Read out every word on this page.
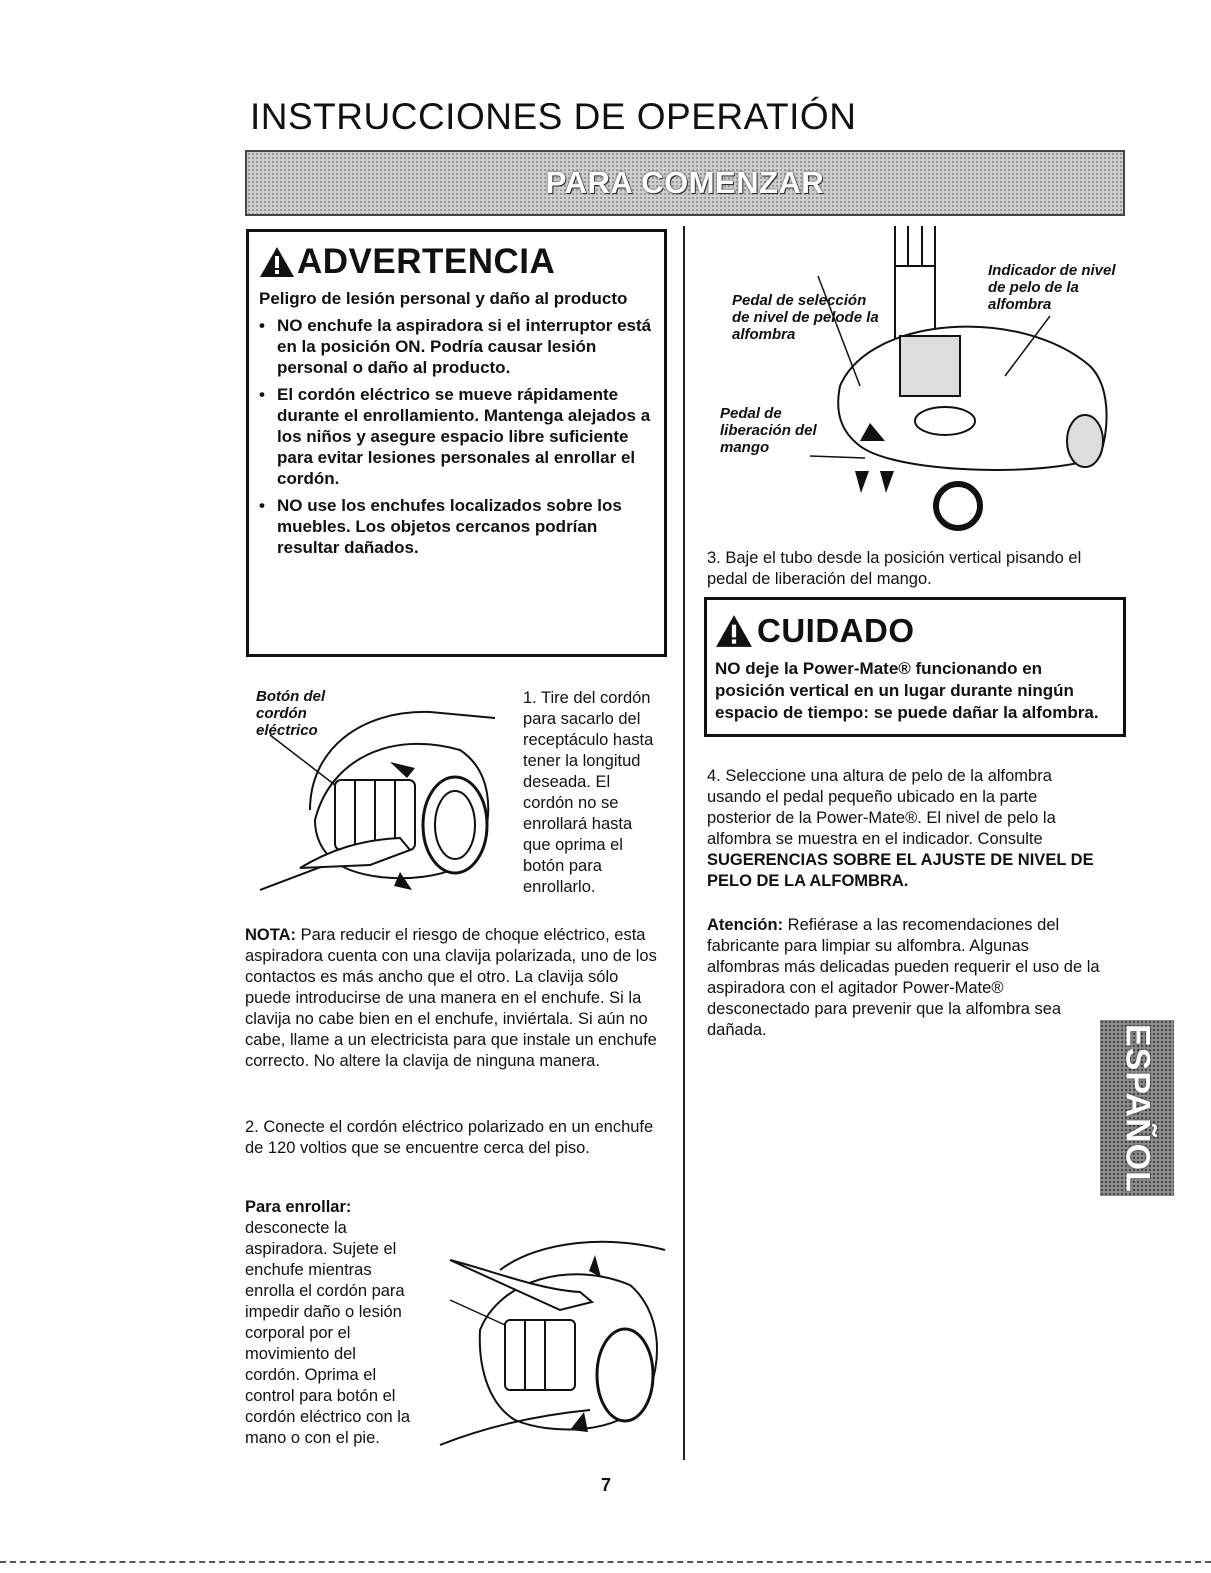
INSTRUCCIONES DE OPERATIÓN
PARA COMENZAR
ADVERTENCIA

Peligro de lesión personal y daño al producto

• NO enchufe la aspiradora si el interruptor está en la posición ON. Podría causar lesión personal o daño al producto.
• El cordón eléctrico se mueve rápidamente durante el enrollamiento. Mantenga alejados a los niños y asegure espacio libre suficiente para evitar lesiones personales al enrollar el cordón.
• NO use los enchufes localizados sobre los muebles. Los objetos cercanos podrían resultar dañados.
Botón del cordón eléctrico
1. Tire del cordón para sacarlo del receptáculo hasta tener la longitud deseada. El cordón no se enrollará hasta que oprima el botón para enrollarlo.
NOTA: Para reducir el riesgo de choque eléctrico, esta aspiradora cuenta con una clavija polarizada, uno de los contactos es más ancho que el otro. La clavija sólo puede introducirse de una manera en el enchufe. Si la clavija no cabe bien en el enchufe, inviértala. Si aún no cabe, llame a un electricista para que instale un enchufe correcto. No altere la clavija de ninguna manera.
2. Conecte el cordón eléctrico polarizado en un enchufe de 120 voltios que se encuentre cerca del piso.
Para enrollar: desconecte la aspiradora. Sujete el enchufe mientras enrolla el cordón para impedir daño o lesión corporal por el movimiento del cordón. Oprima el control para botón el cordón eléctrico con la mano o con el pie.
Pedal de selección de nivel de pelode la alfombra
Indicador de nivel de pelo de la alfombra
Pedal de liberación del mango
3. Baje el tubo desde la posición vertical pisando el pedal de liberación del mango.
CUIDADO
NO deje la Power-Mate® funcionando en posición vertical en un lugar durante ningún espacio de tiempo: se puede dañar la alfombra.
4. Seleccione una altura de pelo de la alfombra usando el pedal pequeño ubicado en la parte posterior de la Power-Mate®. El nivel de pelo la alfombra se muestra en el indicador. Consulte SUGERENCIAS SOBRE EL AJUSTE DE NIVEL DE PELO DE LA ALFOMBRA.
Atención: Refiérase a las recomendaciones del fabricante para limpiar su alfombra. Algunas alfombras más delicadas pueden requerir el uso de la aspiradora con el agitador Power-Mate® desconectado para prevenir que la alfombra sea dañada.	ESPAÑOL
7
